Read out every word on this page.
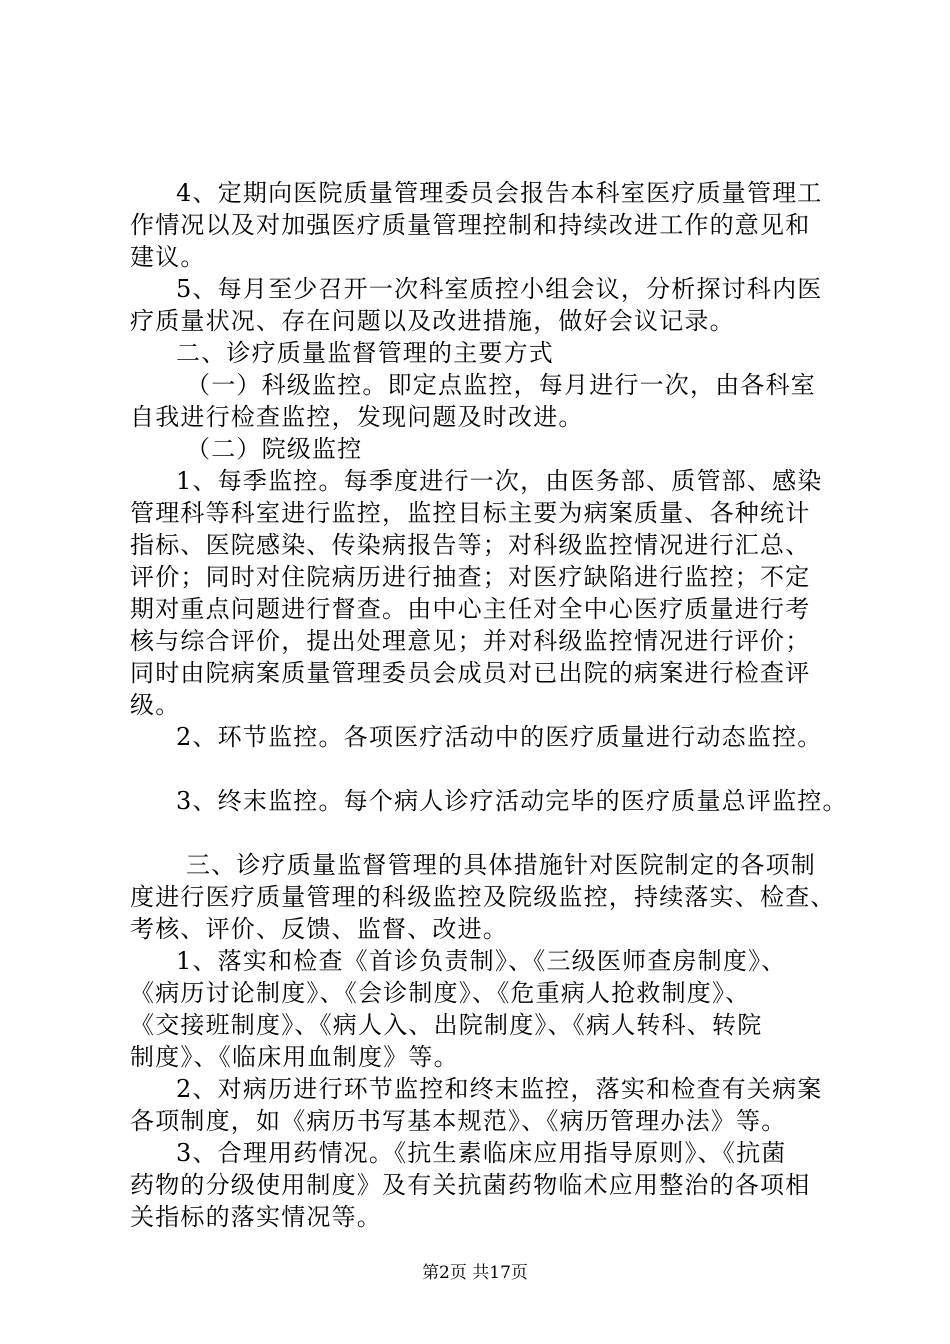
4、定期向医院质量管理委员会报告本科室医疗质量管理工
作情况以及对加强医疗质量管理控制和持续改进工作的意见和
建议。
5、每月至少召开一次科室质控小组会议，分析探讨科内医
疗质量状况、存在问题以及改进措施，做好会议记录。
二、诊疗质量监督管理的主要方式
（一）科级监控。即定点监控，每月进行一次，由各科室
自我进行检查监控，发现问题及时改进。
（二）院级监控
1、每季监控。每季度进行一次，由医务部、质管部、感染
管理科等科室进行监控，监控目标主要为病案质量、各种统计
指标、医院感染、传染病报告等；对科级监控情况进行汇总、
评价；同时对住院病历进行抽查；对医疗缺陷进行监控；不定
期对重点问题进行督查。由中心主任对全中心医疗质量进行考
核与综合评价，提出处理意见；并对科级监控情况进行评价；
同时由院病案质量管理委员会成员对已出院的病案进行检查评
级。
2、环节监控。各项医疗活动中的医疗质量进行动态监控。
3、终末监控。每个病人诊疗活动完毕的医疗质量总评监控。
三、诊疗质量监督管理的具体措施针对医院制定的各项制
度进行医疗质量管理的科级监控及院级监控，持续落实、检查、
考核、评价、反馈、监督、改进。
1、落实和检查《首诊负责制》、《三级医师查房制度》、
《病历讨论制度》、《会诊制度》、《危重病人抢救制度》、
《交接班制度》、《病人入、出院制度》、《病人转科、转院
制度》、《临床用血制度》等。
2、对病历进行环节监控和终末监控，落实和检查有关病案
各项制度，如《病历书写基本规范》、《病历管理办法》等。
3、合理用药情况。《抗生素临床应用指导原则》、《抗菌
药物的分级使用制度》及有关抗菌药物临术应用整治的各项相
关指标的落实情况等。
第2页 共17页
